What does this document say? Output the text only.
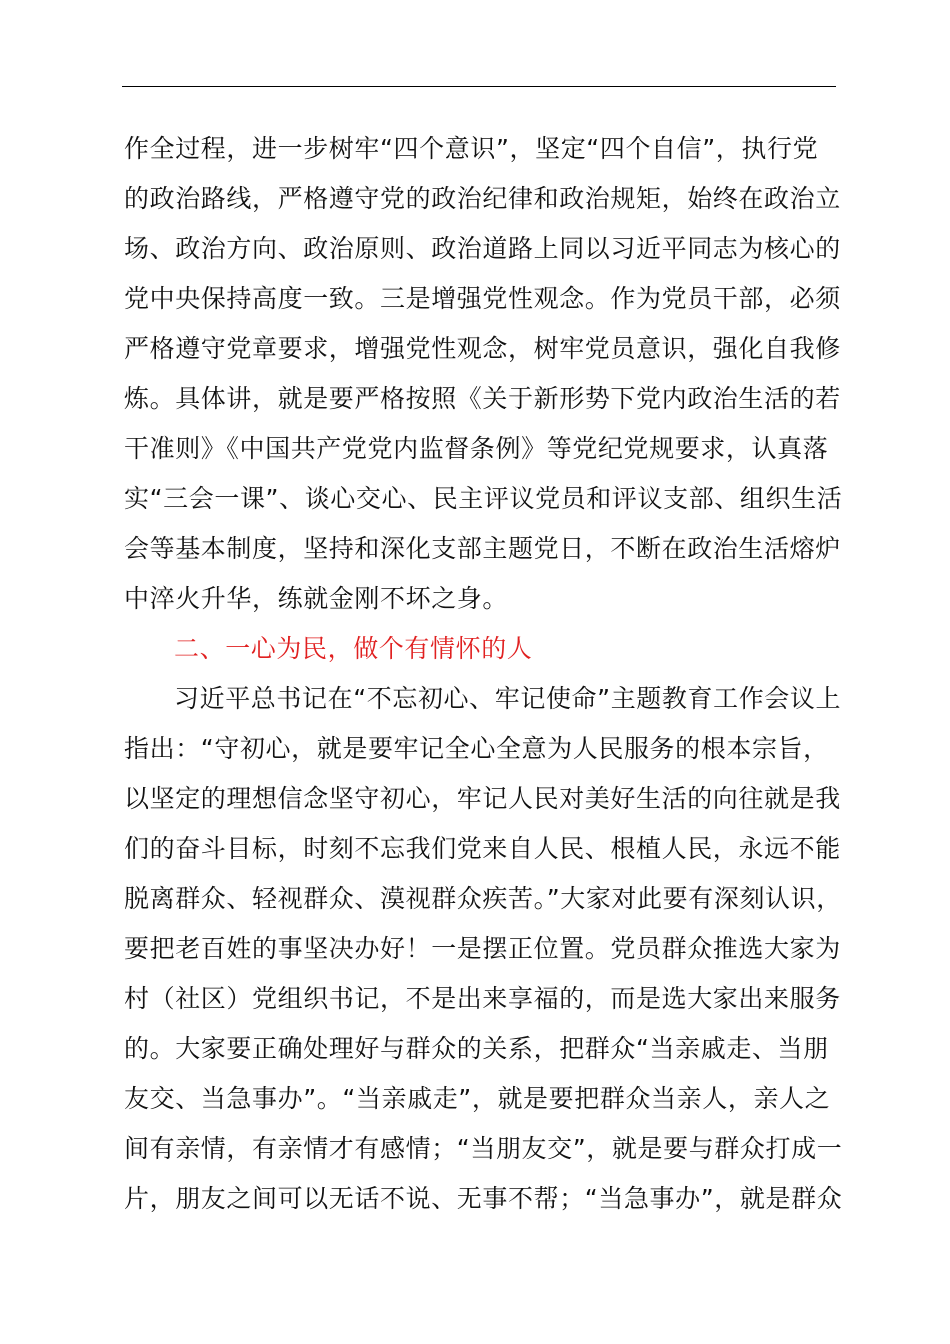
作全过程，进一步树牢“四个意识”，坚定“四个自信”，执行党
的政治路线，严格遵守党的政治纪律和政治规矩，始终在政治立
场、政治方向、政治原则、政治道路上同以习近平同志为核心的
党中央保持高度一致。三是增强党性观念。作为党员干部，必须
严格遵守党章要求，增强党性观念，树牢党员意识，强化自我修
炼。具体讲，就是要严格按照《关于新形势下党内政治生活的若
干准则》《中国共产党党内监督条例》等党纪党规要求，认真落
实“三会一课”、谈心交心、民主评议党员和评议支部、组织生活
会等基本制度，坚持和深化支部主题党日，不断在政治生活熔炉
中淬火升华，练就金刚不坏之身。
二、一心为民，做个有情怀的人
习近平总书记在“不忘初心、牢记使命”主题教育工作会议上
指出：“守初心，就是要牢记全心全意为人民服务的根本宗旨，
以坚定的理想信念坚守初心，牢记人民对美好生活的向往就是我
们的奋斗目标，时刻不忘我们党来自人民、根植人民，永远不能
脱离群众、轻视群众、漠视群众疾苦。”大家对此要有深刻认识，
要把老百姓的事坚决办好！一是摆正位置。党员群众推选大家为
村（社区）党组织书记，不是出来享福的，而是选大家出来服务
的。大家要正确处理好与群众的关系，把群众“当亲戚走、当朋
友交、当急事办”。“当亲戚走”，就是要把群众当亲人，亲人之
间有亲情，有亲情才有感情；“当朋友交”，就是要与群众打成一
片，朋友之间可以无话不说、无事不帮；“当急事办”，就是群众
